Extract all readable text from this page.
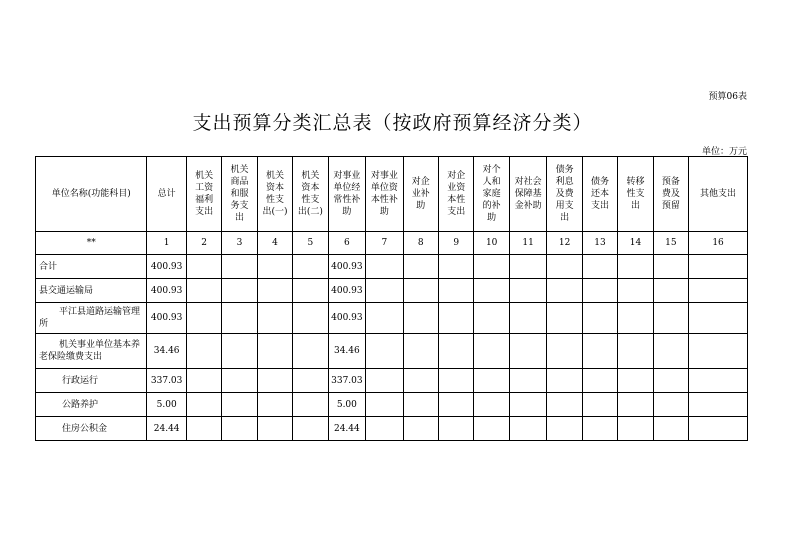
预算06表
支出预算分类汇总表（按政府预算经济分类）
单位：万元
单位名称(功能科目)	总计	机关工资福利支出	机关商品和服务支出	机关资本性支出(一)	机关资本性支出(二)	对事业单位经常性补助	对事业单位资本性补助	对企业补助	对企业资本性支出	对个人和家庭的补助	对社会保障基金补助	债务利息及费用支出	债务还本支出	转移性支出	预备费及预留	其他支出
**	1	2	3	4	5	6	7	8	9	10	11	12	13	14	15	16
合计	400.93					400.93										
县交通运输局	400.93					400.93										
平江县道路运输管理所	400.93					400.93										
机关事业单位基本养老保险缴费支出	34.46					34.46										
行政运行	337.03					337.03										
公路养护	5.00					5.00										
住房公积金	24.44					24.44										
